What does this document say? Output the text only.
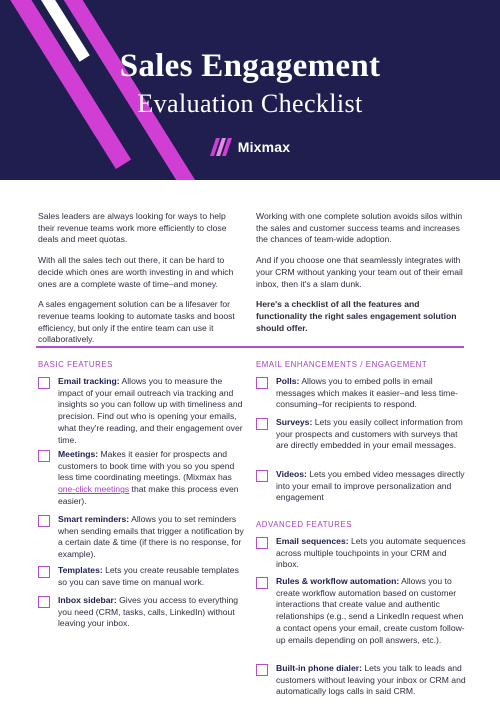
Sales Engagement
Evaluation Checklist
Mixmax

Sales leaders are always looking for ways to help their revenue teams work more efficiently to close deals and meet quotas.

With all the sales tech out there, it can be hard to decide which ones are worth investing in and which ones are a complete waste of time–and money.

A sales engagement solution can be a lifesaver for revenue teams looking to automate tasks and boost efficiency, but only if the entire team can use it collaboratively.

Working with one complete solution avoids silos within the sales and customer success teams and increases the chances of team-wide adoption.

And if you choose one that seamlessly integrates with your CRM without yanking your team out of their email inbox, then it's a slam dunk.

Here's a checklist of all the features and functionality the right sales engagement solution should offer.

BASIC FEATURES
Email tracking: Allows you to measure the impact of your email outreach via tracking and insights so you can follow up with timeliness and precision. Find out who is opening your emails, what they're reading, and their engagement over time.
Meetings: Makes it easier for prospects and customers to book time with you so you spend less time coordinating meetings. (Mixmax has one-click meetings that make this process even easier).
Smart reminders: Allows you to set reminders when sending emails that trigger a notification by a certain date & time (if there is no response, for example).
Templates: Lets you create reusable templates so you can save time on manual work.
Inbox sidebar: Gives you access to everything you need (CRM, tasks, calls, LinkedIn) without leaving your inbox.
EMAIL ENHANCEMENTS / ENGAGEMENT
Polls: Allows you to embed polls in email messages which makes it easier–and less time-consuming–for recipients to respond.
Surveys: Lets you easily collect information from your prospects and customers with surveys that are directly embedded in your email messages.
Videos: Lets you embed video messages directly into your email to improve personalization and engagement
ADVANCED FEATURES
Email sequences: Lets you automate sequences across multiple touchpoints in your CRM and inbox.
Rules & workflow automation: Allows you to create workflow automation based on customer interactions that create value and authentic relationships (e.g., send a LinkedIn request when a contact opens your email, create custom follow-up emails depending on poll answers, etc.).
Built-in phone dialer: Lets you talk to leads and customers without leaving your inbox or CRM and automatically logs calls in said CRM.
